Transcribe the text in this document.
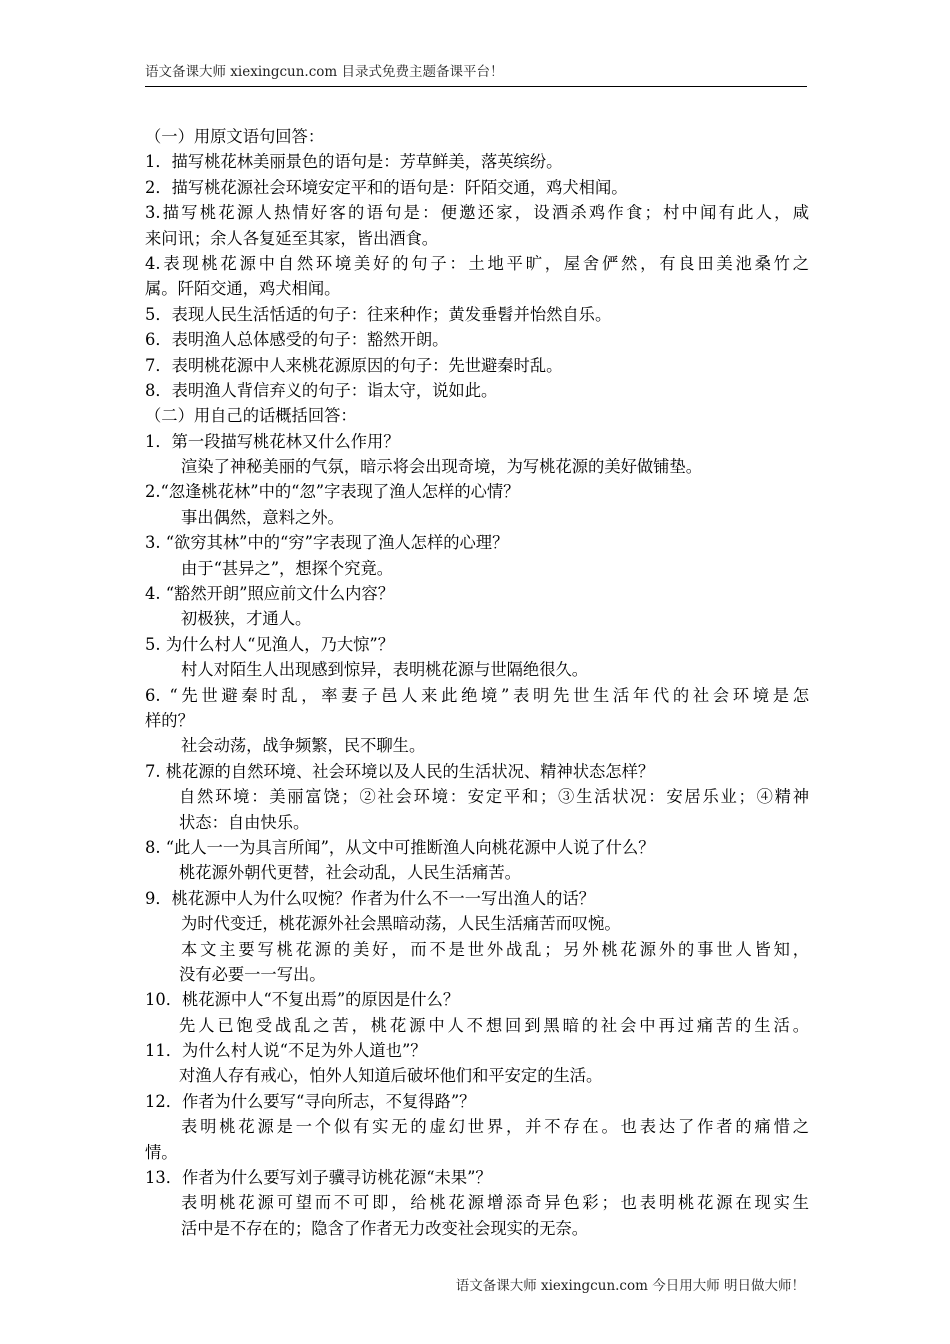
语文备课大师 xiexingcun.com 目录式免费主题备课平台！
（一）用原文语句回答：
1．描写桃花林美丽景色的语句是：芳草鲜美，落英缤纷。
2．描写桃花源社会环境安定平和的语句是：阡陌交通，鸡犬相闻。
3.描写桃花源人热情好客的语句是：便邀还家，设酒杀鸡作食；村中闻有此人，咸
来问讯；余人各复延至其家，皆出酒食。
4.表现桃花源中自然环境美好的句子：土地平旷，屋舍俨然，有良田美池桑竹之
属。阡陌交通，鸡犬相闻。
5．表现人民生活恬适的句子：往来种作；黄发垂髫并怡然自乐。
6．表明渔人总体感受的句子：豁然开朗。
7．表明桃花源中人来桃花源原因的句子：先世避秦时乱。
8．表明渔人背信弃义的句子：诣太守，说如此。
（二）用自己的话概括回答：
1．第一段描写桃花林又什么作用？
渲染了神秘美丽的气氛，暗示将会出现奇境，为写桃花源的美好做铺垫。
2.“忽逢桃花林”中的“忽”字表现了渔人怎样的心情？
事出偶然，意料之外。
3. “欲穷其林”中的“穷”字表现了渔人怎样的心理？
由于“甚异之”，想探个究竟。
4. “豁然开朗”照应前文什么内容？
初极狭，才通人。
5. 为什么村人“见渔人，乃大惊”？
村人对陌生人出现感到惊异，表明桃花源与世隔绝很久。
6. “先世避秦时乱，率妻子邑人来此绝境”表明先世生活年代的社会环境是怎
样的？
社会动荡，战争频繁，民不聊生。
7. 桃花源的自然环境、社会环境以及人民的生活状况、精神状态怎样？
自然环境：美丽富饶；②社会环境：安定平和；③生活状况：安居乐业；④精神
状态：自由快乐。
8. “此人一一为具言所闻”，从文中可推断渔人向桃花源中人说了什么？
桃花源外朝代更替，社会动乱，人民生活痛苦。
9．桃花源中人为什么叹惋？作者为什么不一一写出渔人的话？
为时代变迁，桃花源外社会黑暗动荡，人民生活痛苦而叹惋。
本文主要写桃花源的美好，而不是世外战乱；另外桃花源外的事世人皆知，
没有必要一一写出。
10．桃花源中人“不复出焉”的原因是什么？
先人已饱受战乱之苦，桃花源中人不想回到黑暗的社会中再过痛苦的生活。
11．为什么村人说“不足为外人道也”？
对渔人存有戒心，怕外人知道后破坏他们和平安定的生活。
12．作者为什么要写“寻向所志，不复得路”？
表明桃花源是一个似有实无的虚幻世界，并不存在。也表达了作者的痛惜之
情。
13．作者为什么要写刘子骥寻访桃花源“未果”？
表明桃花源可望而不可即，给桃花源增添奇异色彩；也表明桃花源在现实生
活中是不存在的；隐含了作者无力改变社会现实的无奈。
语文备课大师 xiexingcun.com 今日用大师 明日做大师！
